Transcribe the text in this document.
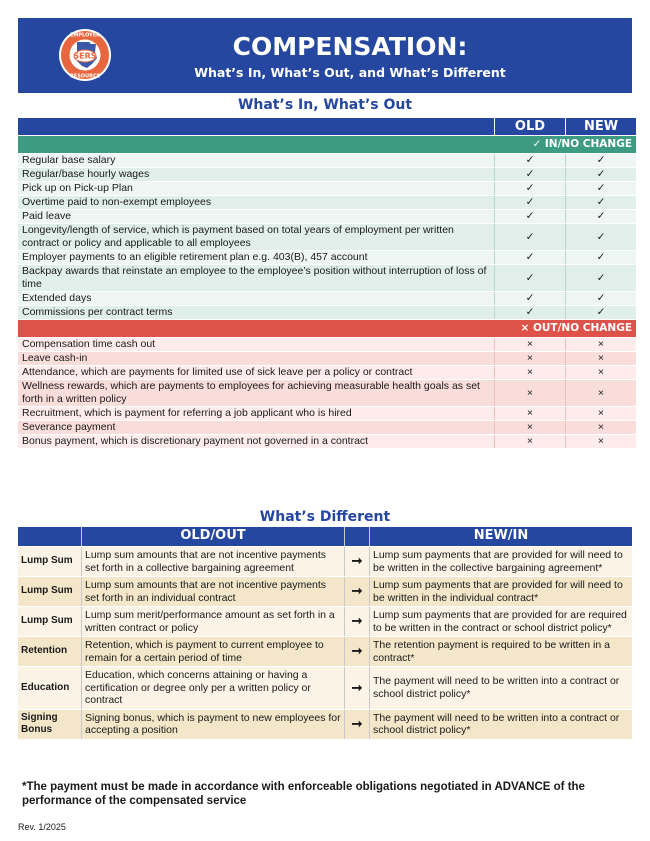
SERS
EMPLOYER
RESOURCE
COMPENSATION:
What’s In, What’s Out, and What’s Different
What’s In, What’s Out
	OLD	NEW
✓ IN/NO CHANGE		
Regular base salary	✓	✓
Regular/base hourly wages	✓	✓
Pick up on Pick-up Plan	✓	✓
Overtime paid to non-exempt employees	✓	✓
Paid leave	✓	✓
Longevity/length of service, which is payment based on total years of employment per written contract or policy and applicable to all employees	✓	✓
Employer payments to an eligible retirement plan e.g. 403(B), 457 account	✓	✓
Backpay awards that reinstate an employee to the employee’s position without interruption of loss of time	✓	✓
Extended days	✓	✓
Commissions per contract terms	✓	✓
× OUT/NO CHANGE		
Compensation time cash out	×	×
Leave cash-in	×	×
Attendance, which are payments for limited use of sick leave per a policy or contract	×	×
Wellness rewards, which are payments to employees for achieving measurable health goals as set forth in a written policy	×	×
Recruitment, which is payment for referring a job applicant who is hired	×	×
Severance payment	×	×
Bonus payment, which is discretionary payment not governed in a contract	×	×
What’s Different
	OLD/OUT		NEW/IN
Lump Sum	Lump sum amounts that are not incentive payments set forth in a collective bargaining agreement	➞	Lump sum payments that are provided for will need to be written in the collective bargaining agreement*
Lump Sum	Lump sum amounts that are not incentive payments set forth in an individual contract	➞	Lump sum payments that are provided for will need to be written in the individual contract*
Lump Sum	Lump sum merit/performance amount as set forth in a written contract or policy	➞	Lump sum payments that are provided for are required to be written in the contract or school district policy*
Retention	Retention, which is payment to current employee to remain for a certain period of time	➞	The retention payment is required to be written in a contract*
Education	Education, which concerns attaining or having a certification or degree only per a written policy or contract	➞	The payment will need to be written into a contract or school district policy*
Signing Bonus	Signing bonus, which is payment to new employees for accepting a position	➞	The payment will need to be written into a contract or school district policy*
*The payment must be made in accordance with enforceable obligations negotiated in ADVANCE of the performance of the compensated service
Rev. 1/2025
